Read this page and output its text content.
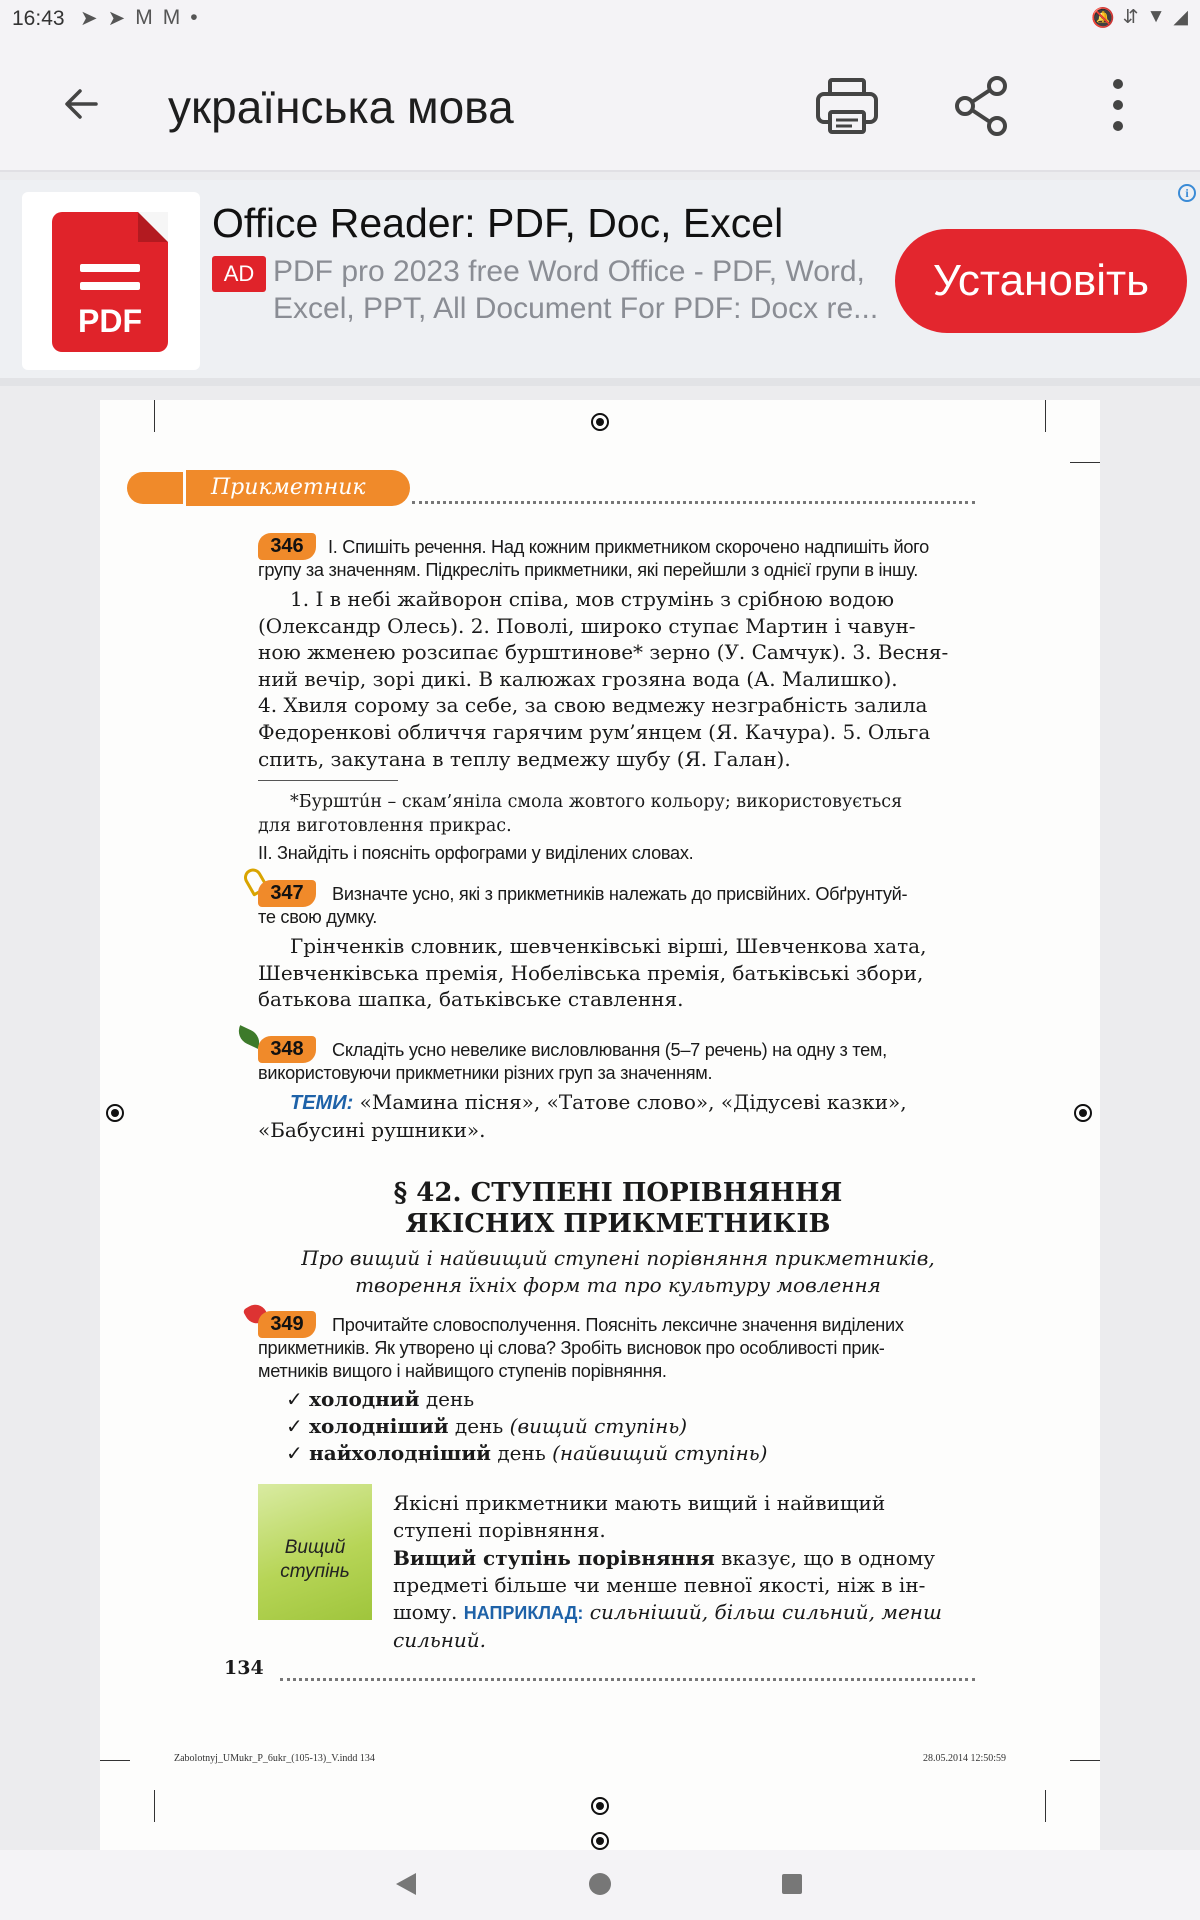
16:43 ➤ ➤ M M •	🔕 ⇵ ▼ ◢
українська мова
i
PDF
Office Reader: PDF, Doc, Excel
AD PDF pro 2023 free Word Office - PDF, Word,
Excel, PPT, All Document For PDF: Docx re...
Установіть
Прикметник
346	І. Спишіть речення. Над кожним прикметником скорочено надпишіть його
групу за значенням. Підкресліть прикметники, які перейшли з однієї групи в іншу.
1. І в небі жайворон співа, мов струмінь з срібною водою
(Олександр Олесь). 2. Поволі, широко ступає Мартин і чавун-
ною жменею розсипає бурштинове* зерно (У. Самчук). 3. Весня-
ний вечір, зорі дикі. В калюжах грозяна вода (А. Малишко).
4. Хвиля сорому за себе, за свою ведмежу незграбність залила
Федоренкові обличчя гарячим рум’янцем (Я. Качура). 5. Ольга
спить, закутана в теплу ведмежу шубу (Я. Галан).
*Бурштúн – скам’яніла смола жовтого кольору; використовується
для виготовлення прикрас.
ІІ. Знайдіть і поясніть орфограми у виділених словах.
347	Визначте усно, які з прикметників належать до присвійних. Обґрунтуй-
те свою думку.
Грінченків словник, шевченківські вірші, Шевченкова хата,
Шевченківська премія, Нобелівська премія, батьківські збори,
батькова шапка, батьківське ставлення.
348	Складіть усно невелике висловлювання (5–7 речень) на одну з тем,
використовуючи прикметники різних груп за значенням.
ТЕМИ: «Мамина пісня», «Татове слово», «Дідусеві казки»,
«Бабусині рушники».
§ 42. СТУПЕНІ ПОРІВНЯННЯ
ЯКІСНИХ ПРИКМЕТНИКІВ
Про вищий і найвищий ступені порівняння прикметників,
творення їхніх форм та про культуру мовлення
349	Прочитайте словосполучення. Поясніть лексичне значення виділених
прикметників. Як утворено ці слова? Зробіть висновок про особливості прик-
метників вищого і найвищого ступенів порівняння.
✓ холодний день
✓ холодніший день (вищий ступінь)
✓ найхолодніший день (найвищий ступінь)
Вищий ступінь
Якісні прикметники мають вищий і найвищий
ступені порівняння.
Вищий ступінь порівняння вказує, що в одному
предметі більше чи менше певної якості, ніж в ін-
шому. НАПРИКЛАД: сильніший, більш сильний, менш
сильний.
134
Zabolotnyj_UMukr_P_6ukr_(105-13)_V.indd 134	28.05.2014 12:50:59
